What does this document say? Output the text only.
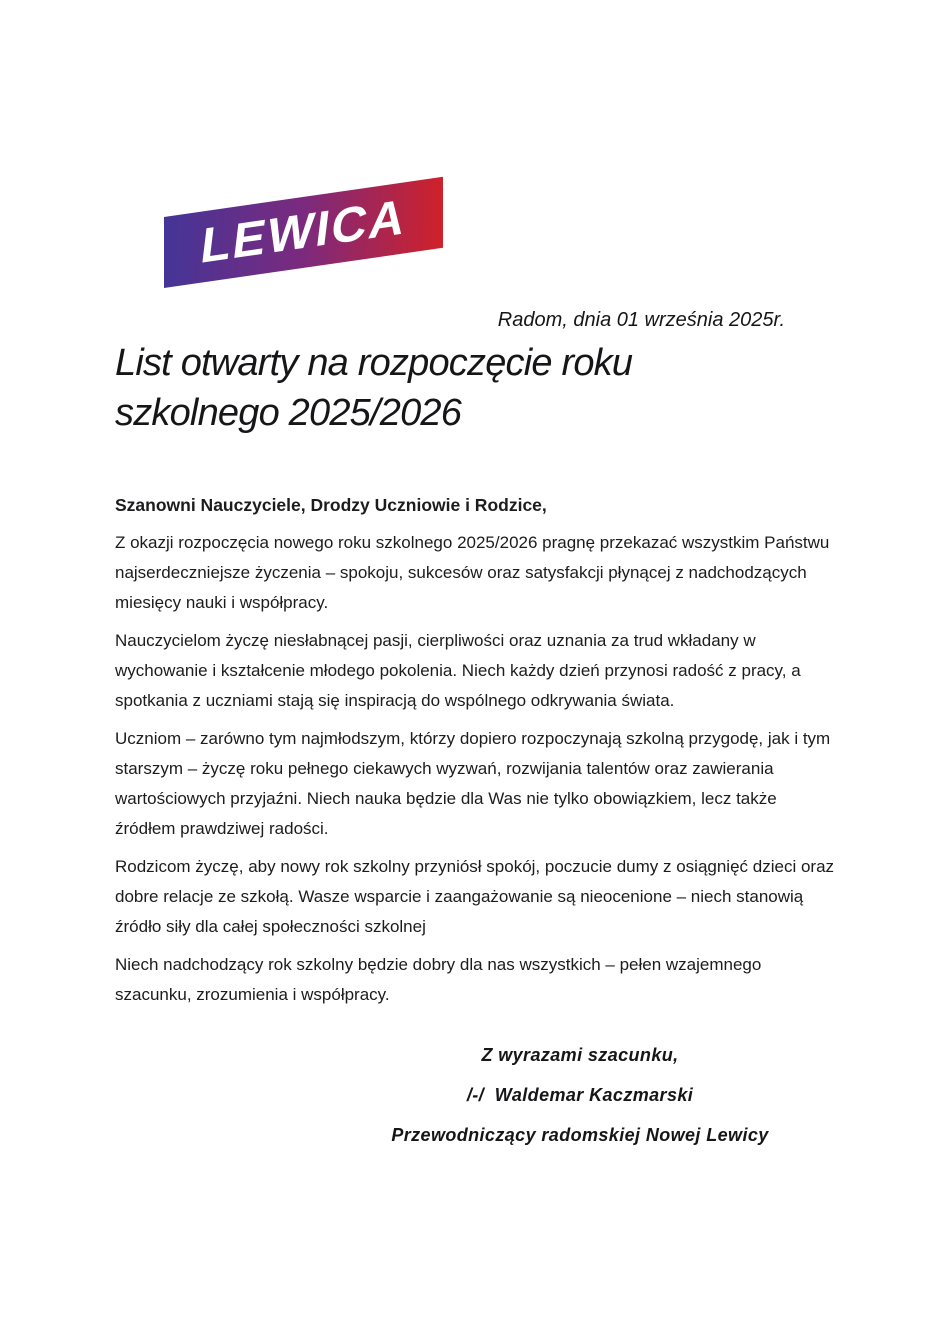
LEWICA
Radom, dnia 01 września 2025r.
List otwarty na rozpoczęcie roku
szkolnego 2025/2026
Szanowni Nauczyciele, Drodzy Uczniowie i Rodzice,
Z okazji rozpoczęcia nowego roku szkolnego 2025/2026 pragnę przekazać wszystkim Państwu
najserdeczniejsze życzenia – spokoju, sukcesów oraz satysfakcji płynącej z nadchodzących
miesięcy nauki i współpracy.
Nauczycielom życzę niesłabnącej pasji, cierpliwości oraz uznania za trud wkładany w
wychowanie i kształcenie młodego pokolenia. Niech każdy dzień przynosi radość z pracy, a
spotkania z uczniami stają się inspiracją do wspólnego odkrywania świata.
Uczniom – zarówno tym najmłodszym, którzy dopiero rozpoczynają szkolną przygodę, jak i tym
starszym – życzę roku pełnego ciekawych wyzwań, rozwijania talentów oraz zawierania
wartościowych przyjaźni. Niech nauka będzie dla Was nie tylko obowiązkiem, lecz także
źródłem prawdziwej radości.
Rodzicom życzę, aby nowy rok szkolny przyniósł spokój, poczucie dumy z osiągnięć dzieci oraz
dobre relacje ze szkołą. Wasze wsparcie i zaangażowanie są nieocenione – niech stanowią
źródło siły dla całej społeczności szkolnej
Niech nadchodzący rok szkolny będzie dobry dla nas wszystkich – pełen wzajemnego
szacunku, zrozumienia i współpracy.
Z wyrazami szacunku,
/-/  Waldemar Kaczmarski
Przewodniczący radomskiej Nowej Lewicy
